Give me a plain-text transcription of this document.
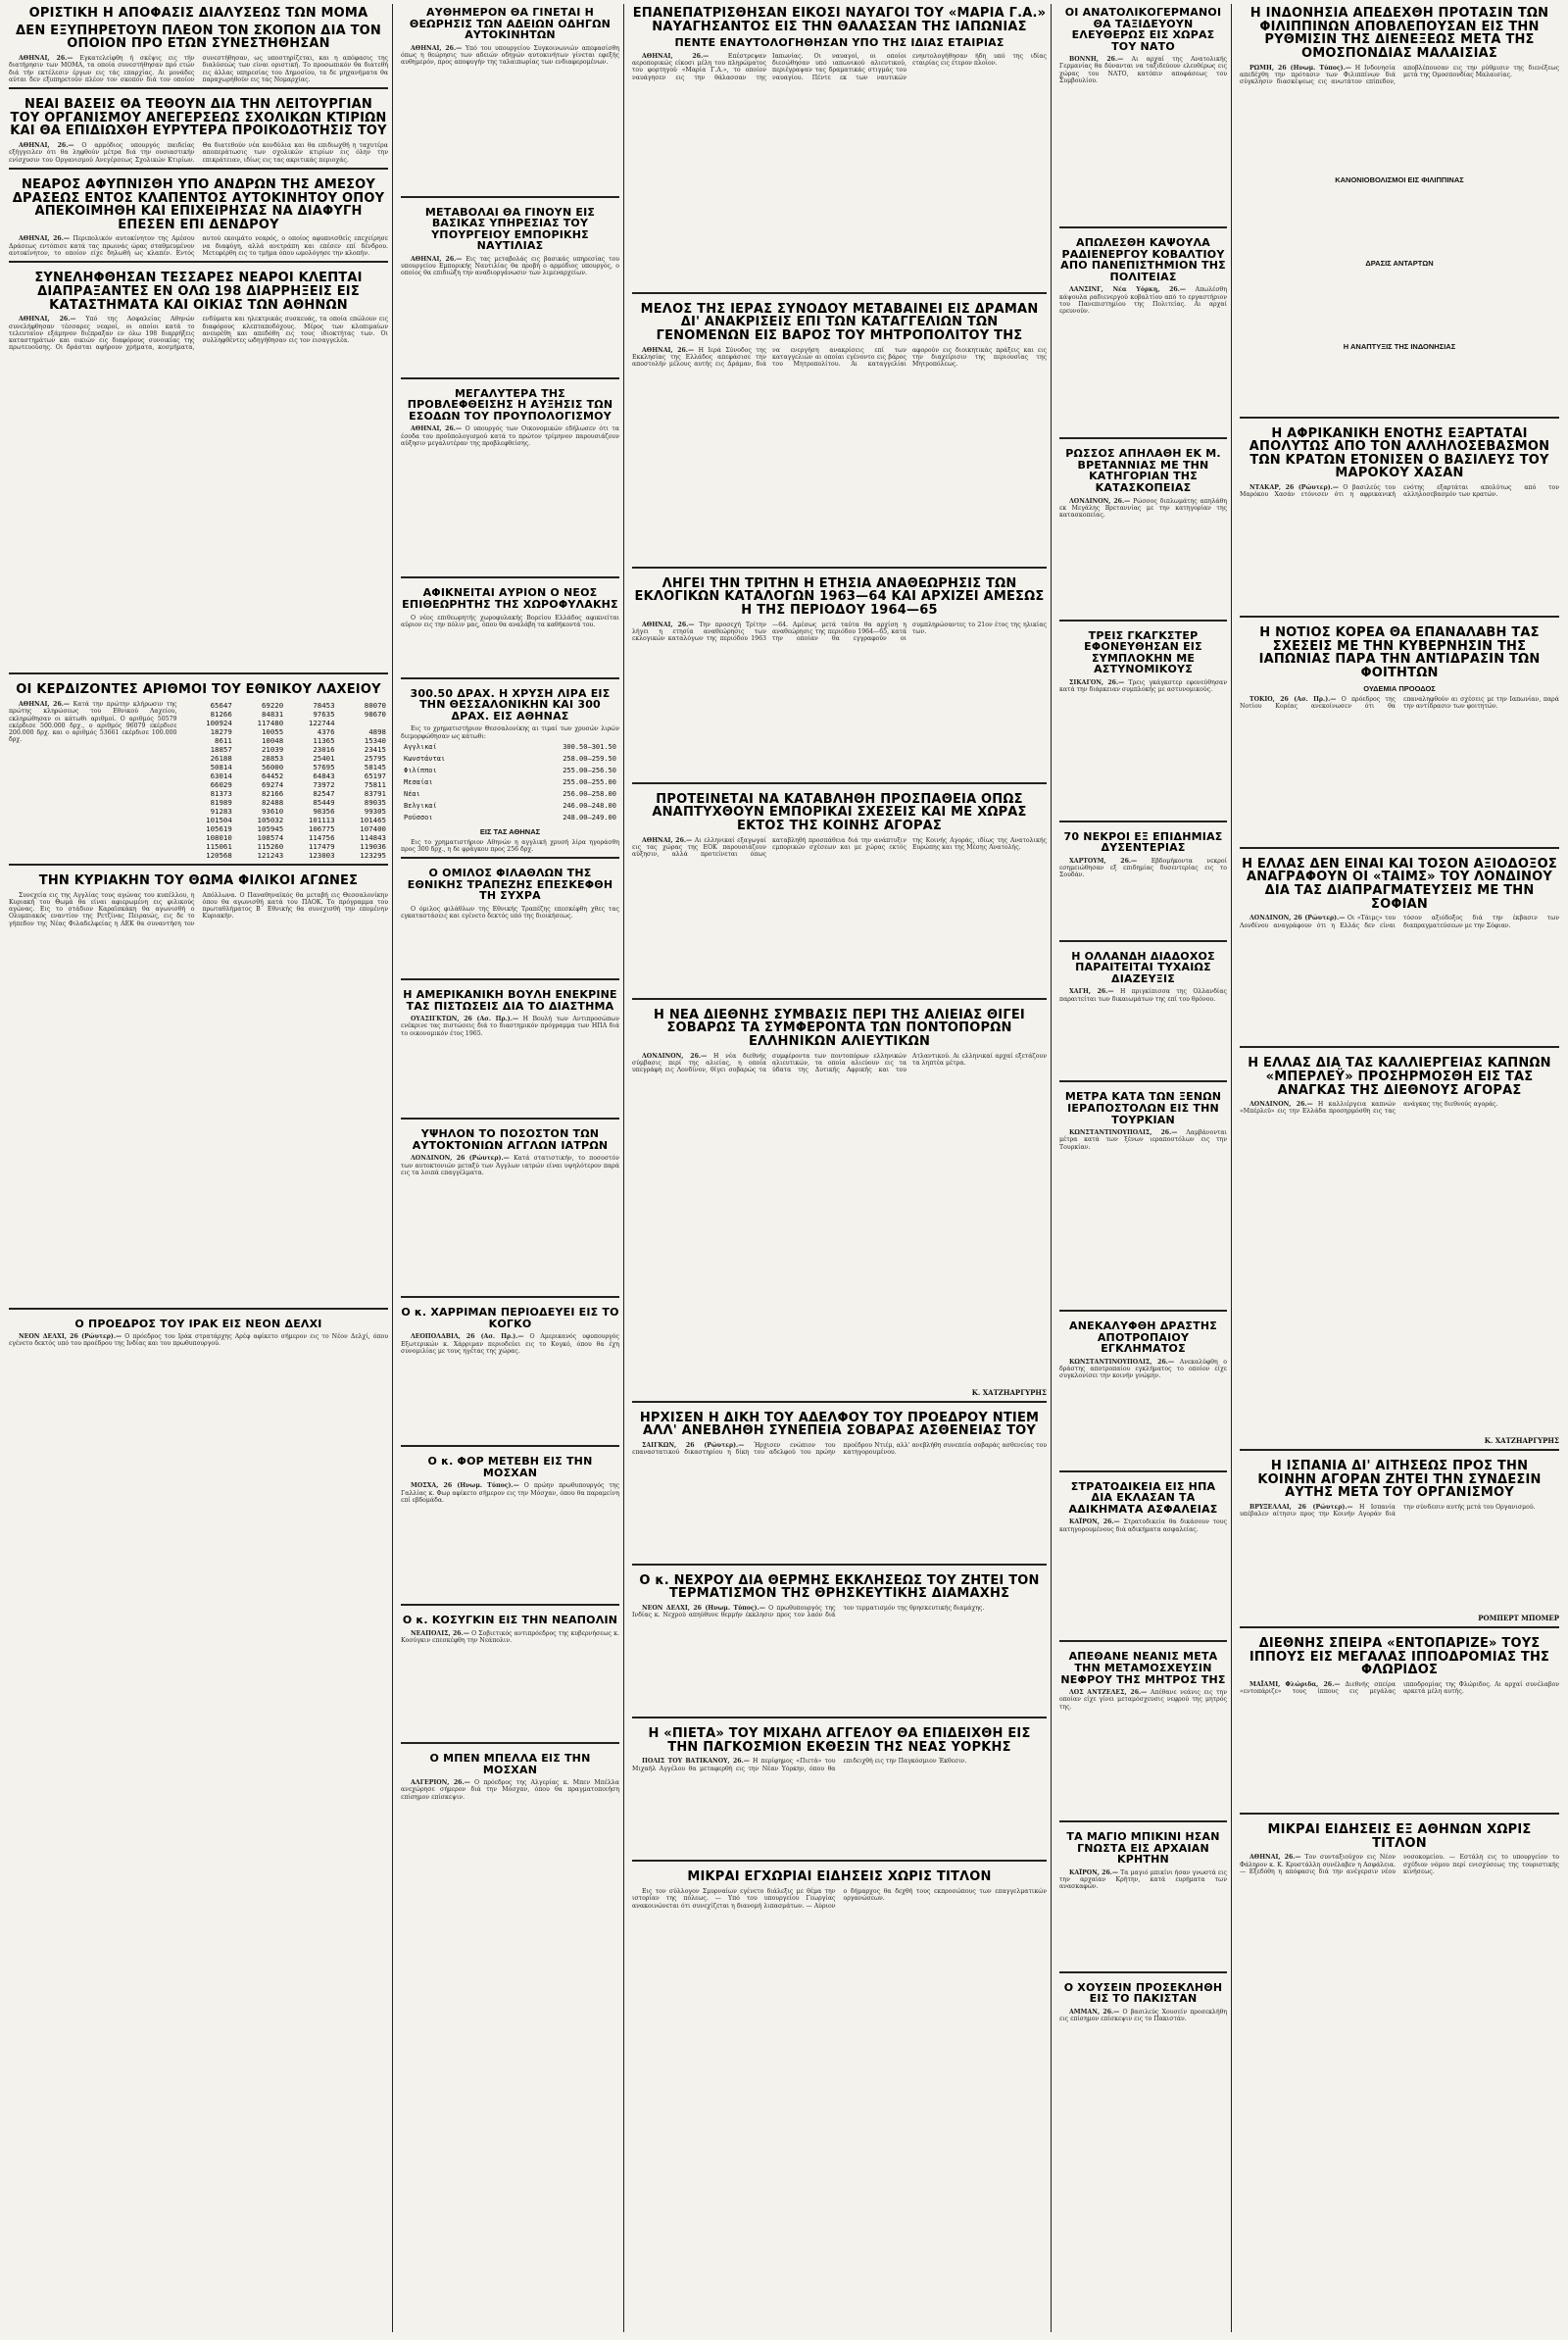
ΟΡΙΣΤΙΚΗ Η ΑΠΟΦΑΣΙΣ ΔΙΑΛΥΣΕΩΣ ΤΩΝ ΜΟΜΑ
ΔΕΝ ΕΞΥΠΗΡΕΤΟΥΝ ΠΛΕΟΝ ΤΟΝ ΣΚΟΠΟΝ ΔΙΑ ΤΟΝ ΟΠΟΙΟΝ ΠΡΟ ΕΤΩΝ ΣΥΝΕΣΤΗΘΗΣΑΝ
ΑΘΗΝΑΙ, 26.— Εγκατελείφθη ή σκέψις εις τήν διατήρησιν των ΜΟΜΑ, τα οποία συνεστήθησαν πρό ετών διά τήν εκτέλεσιν έργων εις τάς επαρχίας. Αι μονάδες αύται δεν εξυπηρετούν πλέον τον σκοπόν διά τον οποίον συνεστήθησαν, ως υποστηρίζεται, και η απόφασις της διαλύσεώς των είναι οριστική. Το προσωπικόν θα διατεθή εις άλλας υπηρεσίας του Δημοσίου, τα δε μηχανήματα θα παραχωρηθούν εις τας Νομαρχίας.
ΝΕΑΙ ΒΑΣΕΙΣ ΘΑ ΤΕΘΟΥΝ ΔΙΑ ΤΗΝ ΛΕΙΤΟΥΡΓΙΑΝ ΤΟΥ ΟΡΓΑΝΙΣΜΟΥ ΑΝΕΓΕΡΣΕΩΣ ΣΧΟΛΙΚΩΝ ΚΤΙΡΙΩΝ ΚΑΙ ΘΑ ΕΠΙΔΙΩΧΘΗ ΕΥΡΥΤΕΡΑ ΠΡΟΙΚΟΔΟΤΗΣΙΣ ΤΟΥ
ΑΘΗΝΑΙ, 26.— Ο αρμόδιος υπουργός παιδείας εξήγγειλεν ότι θα ληφθούν μέτρα διά την ουσιαστικήν ενίσχυσιν του Οργανισμού Ανεγέρσεως Σχολικών Κτιρίων. Θα διατεθούν νέα κονδύλια και θα επιδιωχθή η ταχυτέρα αποπεράτωσις των σχολικών κτιρίων εις όλην την επικράτειαν, ιδίως εις τας ακριτικάς περιοχάς.
ΝΕΑΡΟΣ ΑΦΥΠΝΙΣΘΗ ΥΠΟ ΑΝΔΡΩΝ ΤΗΣ ΑΜΕΣΟΥ ΔΡΑΣΕΩΣ ΕΝΤΟΣ ΚΛΑΠΕΝΤΟΣ ΑΥΤΟΚΙΝΗΤΟΥ ΟΠΟΥ ΑΠΕΚΟΙΜΗΘΗ ΚΑΙ ΕΠΙΧΕΙΡΗΣΑΣ ΝΑ ΔΙΑΦΥΓΗ ΕΠΕΣΕΝ ΕΠΙ ΔΕΝΔΡΟΥ
ΑΘΗΝΑΙ, 26.— Περιπολικόν αυτοκίνητον της Αμέσου Δράσεως εντόπισε κατά τας πρωινάς ώρας σταθμευμένον αυτοκίνητον, το οποίον είχε δηλωθή ως κλαπέν. Εντός αυτού εκοιμάτο νεαρός, ο οποίος αφυπνισθείς επεχείρησε να διαφύγη, αλλά ανετράπη και επέσεν επί δένδρου. Μετεφέρθη εις το τμήμα όπου ωμολόγησε την κλοπήν.
ΣΥΝΕΛΗΦΘΗΣΑΝ ΤΕΣΣΑΡΕΣ ΝΕΑΡΟΙ ΚΛΕΠΤΑΙ ΔΙΑΠΡΑΞΑΝΤΕΣ ΕΝ ΟΛΩ 198 ΔΙΑΡΡΗΞΕΙΣ ΕΙΣ ΚΑΤΑΣΤΗΜΑΤΑ ΚΑΙ ΟΙΚΙΑΣ ΤΩΝ ΑΘΗΝΩΝ
ΑΘΗΝΑΙ, 26.— Υπό της Ασφαλείας Αθηνών συνελήφθησαν τέσσαρες νεαροί, οι οποίοι κατά το τελευταίον εξάμηνον διέπραξαν εν όλω 198 διαρρήξεις καταστημάτων και οικιών εις διαφόρους συνοικίας της πρωτευούσης. Οι δράσται αφήρουν χρήματα, κοσμήματα, ενδύματα και ηλεκτρικάς συσκευάς, τα οποία επώλουν εις διαφόρους κλεπταποδόχους. Μέρος των κλοπιμαίων ανευρέθη και απεδόθη εις τους ιδιοκτήτας των. Οι συλληφθέντες ωδηγήθησαν εις τον εισαγγελέα.
ΟΙ ΚΕΡΔΙΖΟΝΤΕΣ ΑΡΙΘΜΟΙ ΤΟΥ ΕΘΝΙΚΟΥ ΛΑΧΕΙΟΥ
ΑΘΗΝΑΙ, 26.— Κατά την πρώτην κλήρωσιν της πρώτης κληρώσεως του Εθνικού Λαχείου, εκληρώθησαν οι κάτωθι αριθμοί. Ο αριθμός 50579 εκέρδισε 500.000 δρχ., ο αριθμός 96079 εκέρδισε 200.000 δρχ. και ο αριθμός 53661 εκέρδισε 100.000 δρχ.
65647	69220	78453	80070
81266	84831	97635	98670
100924	117480	122744	
18279	10055	4376	4898
8611	10048	11365	15340
18857	21039	23016	23415
26188	28853	25401	25795
50814	56000	57695	58145
63014	64452	64843	65197
66029	69274	73972	75811
81373	82166	82547	83791
81989	82488	85449	89035
91283	93610	98356	99305
101504	105032	101113	101465
105619	105945	106775	107400
108010	108574	114756	114843
115061	115260	117479	119036
120568	121243	123003	123295
ΤΗΝ ΚΥΡΙΑΚΗΝ ΤΟΥ ΘΩΜΑ ΦΙΛΙΚΟΙ ΑΓΩΝΕΣ
Συνεχεία εις της Αγγλίας τους αγώνας του κυπέλλου, η Κυριακή του Θωμά θα είναι αφιερωμένη εις φιλικούς αγώνας. Εις το στάδιον Καραϊσκάκη θα αγωνισθή ο Ολυμπιακός εναντίον της Ρετζίνας Πειραιώς, εις δε το γήπεδον της Νέας Φιλαδελφείας η ΑΕΚ θα συναντήση τον Απόλλωνα. Ο Παναθηναϊκός θα μεταβή εις Θεσσαλονίκην όπου θα αγωνισθή κατά του ΠΑΟΚ. Το πρόγραμμα του πρωταθλήματος Β΄ Εθνικής θα συνεχισθή την επομένην Κυριακήν.
Ο ΠΡΟΕΔΡΟΣ ΤΟΥ ΙΡΑΚ ΕΙΣ ΝΕΟΝ ΔΕΛΧΙ
ΝΕΟΝ ΔΕΛΧΙ, 26 (Ρώυτερ).— Ο πρόεδρος του Ιράκ στρατάρχης Αρέφ αφίκετο σήμερον εις το Νέον Δελχί, όπου εγένετο δεκτός υπό του προέδρου της Ινδίας και του πρωθυπουργού.
ΑΥΘΗΜΕΡΟΝ ΘΑ ΓΙΝΕΤΑΙ Η ΘΕΩΡΗΣΙΣ ΤΩΝ ΑΔΕΙΩΝ ΟΔΗΓΩΝ ΑΥΤΟΚΙΝΗΤΩΝ
ΑΘΗΝΑΙ, 26.— Υπό του υπουργείου Συγκοινωνιών απεφασίσθη όπως η θεώρησις των αδειών οδηγών αυτοκινήτων γίνεται εφεξής αυθημερόν, προς αποφυγήν της ταλαιπωρίας των ενδιαφερομένων.
ΜΕΤΑΒΟΛΑΙ ΘΑ ΓΙΝΟΥΝ ΕΙΣ ΒΑΣΙΚΑΣ ΥΠΗΡΕΣΙΑΣ ΤΟΥ ΥΠΟΥΡΓΕΙΟΥ ΕΜΠΟΡΙΚΗΣ ΝΑΥΤΙΛΙΑΣ
ΑΘΗΝΑΙ, 26.— Εις τας μεταβολάς εις βασικάς υπηρεσίας του υπουργείου Εμπορικής Ναυτιλίας θα προβή ο αρμόδιος υπουργός, ο οποίος θα επιδιώξη την αναδιοργάνωσιν των λιμεναρχείων.
ΜΕΓΑΛΥΤΕΡΑ ΤΗΣ ΠΡΟΒΛΕΦΘΕΙΣΗΣ Η ΑΥΞΗΣΙΣ ΤΩΝ ΕΣΟΔΩΝ ΤΟΥ ΠΡΟΥΠΟΛΟΓΙΣΜΟΥ
ΑΘΗΝΑΙ, 26.— Ο υπουργός των Οικονομικών εδήλωσεν ότι τα έσοδα του προϋπολογισμού κατά το πρώτον τρίμηνον παρουσιάζουν αύξησιν μεγαλυτέραν της προβλεφθείσης.
ΑΦΙΚΝΕΙΤΑΙ ΑΥΡΙΟΝ Ο ΝΕΟΣ ΕΠΙΘΕΩΡΗΤΗΣ ΤΗΣ ΧΩΡΟΦΥΛΑΚΗΣ
Ο νέος επιθεωρητής χωροφυλακής Βορείου Ελλάδος αφικνείται αύριον εις την πόλιν μας, όπου θα αναλάβη τα καθήκοντά του.
300.50 ΔΡΑΧ. Η ΧΡΥΣΗ ΛΙΡΑ ΕΙΣ ΤΗΝ ΘΕΣΣΑΛΟΝΙΚΗΝ ΚΑΙ 300 ΔΡΑΧ. ΕΙΣ ΑΘΗΝΑΣ
Εις το χρηματιστήριον Θεσσαλονίκης αι τιμαί των χρυσών λιρών διεμορφώθησαν ως κάτωθι:
Αγγλικαί	300.50—301.50
Κωνστάνται	258.00—259.50
Φιλίπποι	255.00—256.50
Μεσαίαι	255.00—255.00
Νέαι	256.00—258.00
Βελγικαί	246.00—248.00
Ρούσσοι	248.00—249.00
ΕΙΣ ΤΑΣ ΑΘΗΝΑΣ
Εις το χρηματιστήριον Αθηνών η αγγλική χρυσή λίρα ηγοράσθη προς 300 δρχ., η δε φράγκου προς 256 δρχ.
Ο ΟΜΙΛΟΣ ΦΙΛΑΘΛΩΝ ΤΗΣ ΕΘΝΙΚΗΣ ΤΡΑΠΕΖΗΣ ΕΠΕΣΚΕΦΘΗ ΤΗ ΣΥΧΡΑ
Ο όμιλος φιλάθλων της Εθνικής Τραπέζης επεσκέφθη χθες τας εγκαταστάσεις και εγένετο δεκτός υπό της διοικήσεως.
Η ΑΜΕΡΙΚΑΝΙΚΗ ΒΟΥΛΗ ΕΝΕΚΡΙΝΕ ΤΑΣ ΠΙΣΤΩΣΕΙΣ ΔΙΑ ΤΟ ΔΙΑΣΤΗΜΑ
ΟΥΑΣΙΓΚΤΩΝ, 26 (Ασ. Πρ.).— Η Βουλή των Αντιπροσώπων ενέκρινε τας πιστώσεις διά το διαστημικόν πρόγραμμα των ΗΠΑ διά το οικονομικόν έτος 1965.
ΥΨΗΛΟΝ ΤΟ ΠΟΣΟΣΤΟΝ ΤΩΝ ΑΥΤΟΚΤΟΝΙΩΝ ΑΓΓΛΩΝ ΙΑΤΡΩΝ
ΛΟΝΔΙΝΟΝ, 26 (Ρώυτερ).— Κατά στατιστικήν, το ποσοστόν των αυτοκτονιών μεταξύ των Άγγλων ιατρών είναι υψηλότερον παρά εις τα λοιπά επαγγέλματα.
Ο κ. ΧΑΡΡΙΜΑΝ ΠΕΡΙΟΔΕΥΕΙ ΕΙΣ ΤΟ ΚΟΓΚΟ
ΛΕΟΠΟΛΔΒΙΛ, 26 (Ασ. Πρ.).— Ο Αμερικανός υφυπουργός Εξωτερικών κ. Χάρριμαν περιοδεύει εις το Κογκό, όπου θα έχη συνομιλίας με τους ηγέτας της χώρας.
Ο κ. ΦΟΡ ΜΕΤΕΒΗ ΕΙΣ ΤΗΝ ΜΟΣΧΑΝ
ΜΟΣΧΑ, 26 (Ηνωμ. Τύπος).— Ο πρώην πρωθυπουργός της Γαλλίας κ. Φωρ αφίκετο σήμερον εις την Μόσχαν, όπου θα παραμείνη επί εβδομάδα.
Ο κ. ΚΟΣΥΓΚΙΝ ΕΙΣ ΤΗΝ ΝΕΑΠΟΛΙΝ
ΝΕΑΠΟΛΙΣ, 26.— Ο Σοβιετικός αντιπρόεδρος της κυβερνήσεως κ. Κοσύγκιν επεσκέφθη την Νεάπολιν.
Ο ΜΠΕΝ ΜΠΕΛΛΑ ΕΙΣ ΤΗΝ ΜΟΣΧΑΝ
ΑΛΓΕΡΙΟΝ, 26.— Ο πρόεδρος της Αλγερίας κ. Μπεν Μπέλλα ανεχώρησε σήμερον διά την Μόσχαν, όπου θα πραγματοποιήση επίσημον επίσκεψιν.
ΕΠΑΝΕΠΑΤΡΙΣΘΗΣΑΝ ΕΙΚΟΣΙ ΝΑΥΑΓΟΙ ΤΟΥ «ΜΑΡΙΑ Γ.Α.» ΝΑΥΑΓΗΣΑΝΤΟΣ ΕΙΣ ΤΗΝ ΘΑΛΑΣΣΑΝ ΤΗΣ ΙΑΠΩΝΙΑΣ
ΠΕΝΤΕ ΕΝΑΥΤΟΛΟΓΗΘΗΣΑΝ ΥΠΟ ΤΗΣ ΙΔΙΑΣ ΕΤΑΙΡΙΑΣ
ΑΘΗΝΑΙ, 26.—	Επέστρεψαν αεροπορικώς είκοσι μέλη του πληρώματος του φορτηγού «Μαρία Γ.Α.», το οποίον ναυάγησεν εις την θάλασσαν της Ιαπωνίας. Οι ναυαγοί, οι οποίοι διεσώθησαν υπό ιαπωνικού αλιευτικού, περιέγραψαν τας δραματικάς στιγμάς του ναυαγίου. Πέντε εκ των ναυτικών ενηυτολογήθησαν ήδη υπό της ιδίας εταιρίας εις έτερον πλοίον.
ΜΕΛΟΣ ΤΗΣ ΙΕΡΑΣ ΣΥΝΟΔΟΥ ΜΕΤΑΒΑΙΝΕΙ ΕΙΣ ΔΡΑΜΑΝ ΔΙ' ΑΝΑΚΡΙΣΕΙΣ ΕΠΙ ΤΩΝ ΚΑΤΑΓΓΕΛΙΩΝ ΤΩΝ ΓΕΝΟΜΕΝΩΝ ΕΙΣ ΒΑΡΟΣ ΤΟΥ ΜΗΤΡΟΠΟΛΙΤΟΥ ΤΗΣ
ΑΘΗΝΑΙ, 26.— Η Ιερά Σύνοδος της Εκκλησίας της Ελλάδος απεφάσισε την αποστολήν μέλους αυτής εις Δράμαν, διά να ενεργήση ανακρίσεις επί των καταγγελιών αι οποίαι εγένοντο εις βάρος του Μητροπολίτου. Αι καταγγελίαι αφορούν εις διοικητικάς πράξεις και εις την διαχείρισιν της περιουσίας της Μητροπόλεως.
ΛΗΓΕΙ ΤΗΝ ΤΡΙΤΗΝ Η ΕΤΗΣΙΑ ΑΝΑΘΕΩΡΗΣΙΣ ΤΩΝ ΕΚΛΟΓΙΚΩΝ ΚΑΤΑΛΟΓΩΝ 1963—64 ΚΑΙ ΑΡΧΙΖΕΙ ΑΜΕΣΩΣ Η ΤΗΣ ΠΕΡΙΟΔΟΥ 1964—65
ΑΘΗΝΑΙ, 26.— Την προσεχή Τρίτην λήγει η ετησία αναθεώρησις των εκλογικών καταλόγων της περιόδου 1963—64. Αμέσως μετά ταύτα θα αρχίση η αναθεώρησις της περιόδου 1964—65, κατά την οποίαν θα εγγραφούν οι συμπληρώσαντες το 21ον έτος της ηλικίας των.
ΠΡΟΤΕΙΝΕΤΑΙ ΝΑ ΚΑΤΑΒΛΗΘΗ ΠΡΟΣΠΑΘΕΙΑ ΟΠΩΣ ΑΝΑΠΤΥΧΘΟΥΝ ΕΜΠΟΡΙΚΑΙ ΣΧΕΣΕΙΣ ΚΑΙ ΜΕ ΧΩΡΑΣ ΕΚΤΟΣ ΤΗΣ ΚΟΙΝΗΣ ΑΓΟΡΑΣ
ΑΘΗΝΑΙ, 26.— Αι ελληνικαί εξαγωγαί εις τας χώρας της ΕΟΚ παρουσιάζουν αύξησιν, αλλά προτείνεται όπως καταβληθή προσπάθεια διά την ανάπτυξιν εμπορικών σχέσεων και με χώρας εκτός της Κοινής Αγοράς, ιδίως της Ανατολικής Ευρώπης και της Μέσης Ανατολής.
Η ΝΕΑ ΔΙΕΘΝΗΣ ΣΥΜΒΑΣΙΣ ΠΕΡΙ ΤΗΣ ΑΛΙΕΙΑΣ ΘΙΓΕΙ ΣΟΒΑΡΩΣ ΤΑ ΣΥΜΦΕΡΟΝΤΑ ΤΩΝ ΠΟΝΤΟΠΟΡΩΝ ΕΛΛΗΝΙΚΩΝ ΑΛΙΕΥΤΙΚΩΝ
ΛΟΝΔΙΝΟΝ, 26.— Η νέα διεθνής σύμβασις περί της αλιείας, η οποία υπεγράφη εις Λονδίνον, θίγει σοβαρώς τα συμφέροντα των ποντοπόρων ελληνικών αλιευτικών, τα οποία αλιεύουν εις τα ύδατα της Δυτικής Αφρικής και του Ατλαντικού. Αι ελληνικαί αρχαί εξετάζουν τα ληπτέα μέτρα.
Κ. ΧΑΤΖΗΑΡΓΥΡΗΣ
ΗΡΧΙΣΕΝ Η ΔΙΚΗ ΤΟΥ ΑΔΕΛΦΟΥ ΤΟΥ ΠΡΟΕΔΡΟΥ ΝΤΙΕΜ ΑΛΛ' ΑΝΕΒΛΗΘΗ ΣΥΝΕΠΕΙΑ ΣΟΒΑΡΑΣ ΑΣΘΕΝΕΙΑΣ ΤΟΥ
ΣΑΙΓΚΩΝ, 26 (Ρώυτερ).— Ήρχισεν ενώπιον του επαναστατικού δικαστηρίου η δίκη του αδελφού του πρώην προέδρου Ντιέμ, αλλ' ανεβλήθη συνεπεία σοβαράς ασθενείας του κατηγορουμένου.
Ο κ. ΝΕΧΡΟΥ ΔΙΑ ΘΕΡΜΗΣ ΕΚΚΛΗΣΕΩΣ ΤΟΥ ΖΗΤΕΙ ΤΟΝ ΤΕΡΜΑΤΙΣΜΟΝ ΤΗΣ ΘΡΗΣΚΕΥΤΙΚΗΣ ΔΙΑΜΑΧΗΣ
ΝΕΟΝ ΔΕΛΧΙ, 26 (Ηνωμ. Τύπος).— Ο πρωθυπουργός της Ινδίας κ. Νεχρού απηύθυνε θερμήν έκκλησιν προς τον λαόν διά τον τερματισμόν της θρησκευτικής διαμάχης.
Η «ΠΙΕΤΑ» ΤΟΥ ΜΙΧΑΗΛ ΑΓΓΕΛΟΥ ΘΑ ΕΠΙΔΕΙΧΘΗ ΕΙΣ ΤΗΝ ΠΑΓΚΟΣΜΙΟΝ ΕΚΘΕΣΙΝ ΤΗΣ ΝΕΑΣ ΥΟΡΚΗΣ
ΠΟΛΙΣ ΤΟΥ ΒΑΤΙΚΑΝΟΥ, 26.— Η περίφημος «Πιετά» του Μιχαήλ Αγγέλου θα μεταφερθή εις την Νέαν Υόρκην, όπου θα επιδειχθή εις την Παγκόσμιον Έκθεσιν.
ΜΙΚΡΑΙ ΕΓΧΩΡΙΑΙ ΕΙΔΗΣΕΙΣ ΧΩΡΙΣ ΤΙΤΛΟΝ
Εις τον σύλλογον Σμυρναίων εγένετο διάλεξις με θέμα την ιστορίαν της πόλεως. — Υπό του υπουργείου Γεωργίας ανακοινώνεται ότι συνεχίζεται η διανομή λιπασμάτων. — Αύριον ο δήμαρχος θα δεχθή τους εκπροσώπους των επαγγελματικών οργανώσεων.
ΟΙ ΑΝΑΤΟΛΙΚΟΓΕΡΜΑΝΟΙ ΘΑ ΤΑΞΙΔΕΥΟΥΝ ΕΛΕΥΘΕΡΩΣ ΕΙΣ ΧΩΡΑΣ ΤΟΥ ΝΑΤΟ
ΒΟΝΝΗ, 26.— Αι αρχαί της Ανατολικής Γερμανίας θα δύνανται να ταξιδεύουν ελευθέρως εις χώρας του ΝΑΤΟ, κατόπιν αποφάσεως του Συμβουλίου.
ΑΠΩΛΕΣΘΗ ΚΑΨΟΥΛΑ ΡΑΔΙΕΝΕΡΓΟΥ ΚΟΒΑΛΤΙΟΥ ΑΠΟ ΠΑΝΕΠΙΣΤΗΜΙΟΝ ΤΗΣ ΠΟΛΙΤΕΙΑΣ
ΛΑΝΣΙΝΓ, Νέα Υόρκη, 26.— Απωλέσθη κάψουλα ραδιενεργού κοβαλτίου από το εργαστήριον του Πανεπιστημίου της Πολιτείας. Αι αρχαί ερευνούν.
ΡΩΣΣΟΣ ΑΠΗΛΑΘΗ ΕΚ Μ. ΒΡΕΤΑΝΝΙΑΣ ΜΕ ΤΗΝ ΚΑΤΗΓΟΡΙΑΝ ΤΗΣ ΚΑΤΑΣΚΟΠΕΙΑΣ
ΛΟΝΔΙΝΟΝ, 26.— Ρώσσος διπλωμάτης απηλάθη εκ Μεγάλης Βρεταννίας με την κατηγορίαν της κατασκοπείας.
ΤΡΕΙΣ ΓΚΑΓΚΣΤΕΡ ΕΦΟΝΕΥΘΗΣΑΝ ΕΙΣ ΣΥΜΠΛΟΚΗΝ ΜΕ ΑΣΤΥΝΟΜΙΚΟΥΣ
ΣΙΚΑΓΟΝ, 26.— Τρεις γκάγκστερ εφονεύθησαν κατά την διάρκειαν συμπλοκής με αστυνομικούς.
70 ΝΕΚΡΟΙ ΕΞ ΕΠΙΔΗΜΙΑΣ ΔΥΣΕΝΤΕΡΙΑΣ
ΧΑΡΤΟΥΜ, 26.— Εβδομήκοντα νεκροί εσημειώθησαν εξ επιδημίας δυσεντερίας εις το Σουδάν.
Η ΟΛΛΑΝΔΗ ΔΙΑΔΟΧΟΣ ΠΑΡΑΙΤΕΙΤΑΙ ΤΥΧΑΙΩΣ ΔΙΑΖΕΥΞΙΣ
ΧΑΓΗ, 26.— Η πριγκίπισσα της Ολλανδίας παραιτείται των δικαιωμάτων της επί του θρόνου.
ΜΕΤΡΑ ΚΑΤΑ ΤΩΝ ΞΕΝΩΝ ΙΕΡΑΠΟΣΤΟΛΩΝ ΕΙΣ ΤΗΝ ΤΟΥΡΚΙΑΝ
ΚΩΝΣΤΑΝΤΙΝΟΥΠΟΛΙΣ, 26.— Λαμβάνονται μέτρα κατά των ξένων ιεραποστόλων εις την Τουρκίαν.
ΑΝΕΚΑΛΥΦΘΗ ΔΡΑΣΤΗΣ ΑΠΟΤΡΟΠΑΙΟΥ ΕΓΚΛΗΜΑΤΟΣ
ΚΩΝΣΤΑΝΤΙΝΟΥΠΟΛΙΣ, 26.— Ανεκαλύφθη ο δράστης αποτροπαίου εγκλήματος το οποίον είχε συγκλονίσει την κοινήν γνώμην.
ΣΤΡΑΤΟΔΙΚΕΙΑ ΕΙΣ ΗΠΑ ΔΙΑ ΕΚΛΑΣΑΝ ΤΑ ΑΔΙΚΗΜΑΤΑ ΑΣΦΑΛΕΙΑΣ
ΚΑΪΡΟΝ, 26.— Στρατοδικεία θα δικάσουν τους κατηγορουμένους διά αδικήματα ασφαλείας.
ΑΠΕΘΑΝΕ ΝΕΑΝΙΣ ΜΕΤΑ ΤΗΝ ΜΕΤΑΜΟΣΧΕΥΣΙΝ ΝΕΦΡΟΥ ΤΗΣ ΜΗΤΡΟΣ ΤΗΣ
ΛΟΣ ΑΝΤΖΕΛΕΣ, 26.— Απέθανε νεάνις εις την οποίαν είχε γίνει μεταμόσχευσις νεφρού της μητρός της.
ΤΑ ΜΑΓΙΟ ΜΠΙΚΙΝΙ ΗΣΑΝ ΓΝΩΣΤΑ ΕΙΣ ΑΡΧΑΙΑΝ ΚΡΗΤΗΝ
ΚΑΪΡΟΝ, 26.— Τα μαγιό μπικίνι ήσαν γνωστά εις την αρχαίαν Κρήτην, κατά ευρήματα των ανασκαφών.
Ο ΧΟΥΣΕΙΝ ΠΡΟΣΕΚΛΗΘΗ ΕΙΣ ΤΟ ΠΑΚΙΣΤΑΝ
ΑΜΜΑΝ, 26.— Ο βασιλεύς Χουσείν προσεκλήθη εις επίσημον επίσκεψιν εις το Πακιστάν.
Η ΙΝΔΟΝΗΣΙΑ ΑΠΕΔΕΧΘΗ ΠΡΟΤΑΣΙΝ ΤΩΝ ΦΙΛΙΠΠΙΝΩΝ ΑΠΟΒΛΕΠΟΥΣΑΝ ΕΙΣ ΤΗΝ ΡΥΘΜΙΣΙΝ ΤΗΣ ΔΙΕΝΕΞΕΩΣ ΜΕΤΑ ΤΗΣ ΟΜΟΣΠΟΝΔΙΑΣ ΜΑΛΑΙΣΙΑΣ
ΡΩΜΗ, 26 (Ηνωμ. Τύπος).— Η Ινδονησία απεδέχθη την πρότασιν των Φιλιππίνων διά σύγκλησιν διασκέψεως εις ανωτάτον επίπεδον, αποβλέπουσαν εις την ρύθμισιν της διενέξεως μετά της Ομοσπονδίας Μαλαισίας.
ΚΑΝΟΝΙΟΒΟΛΙΣΜΟΙ ΕΙΣ ΦΙΛΙΠΠΙΝΑΣ
ΔΡΑΣΙΣ ΑΝΤΑΡΤΩΝ
Η ΑΝΑΠΤΥΞΙΣ ΤΗΣ ΙΝΔΟΝΗΣΙΑΣ
Η ΑΦΡΙΚΑΝΙΚΗ ΕΝΟΤΗΣ ΕΞΑΡΤΑΤΑΙ ΑΠΟΛΥΤΩΣ ΑΠΟ ΤΟΝ ΑΛΛΗΛΟΣΕΒΑΣΜΟΝ ΤΩΝ ΚΡΑΤΩΝ ΕΤΟΝΙΣΕΝ Ο ΒΑΣΙΛΕΥΣ ΤΟΥ ΜΑΡΟΚΟΥ ΧΑΣΑΝ
ΝΤΑΚΑΡ, 26 (Ρώυτερ).— Ο βασιλεύς του Μαρόκου Χασάν ετόνισεν ότι η αφρικανική ενότης εξαρτάται απολύτως από τον αλληλοσεβασμόν των κρατών.
Η ΝΟΤΙΟΣ ΚΟΡΕΑ ΘΑ ΕΠΑΝΑΛΑΒΗ ΤΑΣ ΣΧΕΣΕΙΣ ΜΕ ΤΗΝ ΚΥΒΕΡΝΗΣΙΝ ΤΗΣ ΙΑΠΩΝΙΑΣ ΠΑΡΑ ΤΗΝ ΑΝΤΙΔΡΑΣΙΝ ΤΩΝ ΦΟΙΤΗΤΩΝ
ΟΥΔΕΜΙΑ ΠΡΟΟΔΟΣ
ΤΟΚΙΟ, 26 (Ασ. Πρ.).— Ο πρόεδρος της Νοτίου Κορέας ανεκοίνωσεν ότι θα επαναληφθούν αι σχέσεις με την Ιαπωνίαν, παρά την αντίδρασιν των φοιτητών.
Η ΕΛΛΑΣ ΔΕΝ ΕΙΝΑΙ ΚΑΙ ΤΟΣΟΝ ΑΞΙΟΔΟΞΟΣ ΑΝΑΓΡΑΦΟΥΝ ΟΙ «ΤΑΙΜΣ» ΤΟΥ ΛΟΝΔΙΝΟΥ ΔΙΑ ΤΑΣ ΔΙΑΠΡΑΓΜΑΤΕΥΣΕΙΣ ΜΕ ΤΗΝ ΣΟΦΙΑΝ
ΛΟΝΔΙΝΟΝ, 26 (Ρώυτερ).— Οι «Τάιμς» του Λονδίνου αναγράφουν ότι η Ελλάς δεν είναι τόσον αξιόδοξος διά την έκβασιν των διαπραγματεύσεων με την Σόφιαν.
Η ΕΛΛΑΣ ΔΙΑ ΤΑΣ ΚΑΛΛΙΕΡΓΕΙΑΣ ΚΑΠΝΩΝ «ΜΠΕΡΛΕΫ» ΠΡΟΣΗΡΜΟΣΘΗ ΕΙΣ ΤΑΣ ΑΝΑΓΚΑΣ ΤΗΣ ΔΙΕΘΝΟΥΣ ΑΓΟΡΑΣ
ΛΟΝΔΙΝΟΝ, 26.— Η καλλιέργεια καπνών «Μπέρλεϋ» εις την Ελλάδα προσηρμόσθη εις τας ανάγκας της διεθνούς αγοράς.
Κ. ΧΑΤΖΗΑΡΓΥΡΗΣ
Η ΙΣΠΑΝΙΑ ΔΙ' ΑΙΤΗΣΕΩΣ ΠΡΟΣ ΤΗΝ ΚΟΙΝΗΝ ΑΓΟΡΑΝ ΖΗΤΕΙ ΤΗΝ ΣΥΝΔΕΣΙΝ ΑΥΤΗΣ ΜΕΤΑ ΤΟΥ ΟΡΓΑΝΙΣΜΟΥ
ΒΡΥΞΕΛΛΑΙ, 26 (Ρώυτερ).— Η Ισπανία υπέβαλεν αίτησιν προς την Κοινήν Αγοράν διά την σύνδεσιν αυτής μετά του Οργανισμού.
ΡΟΜΠΕΡΤ ΜΠΟΜΕΡ
ΔΙΕΘΝΗΣ ΣΠΕΙΡΑ «ΕΝΤΟΠΑΡΙΖΕ» ΤΟΥΣ ΙΠΠΟΥΣ ΕΙΣ ΜΕΓΑΛΑΣ ΙΠΠΟΔΡΟΜΙΑΣ ΤΗΣ ΦΛΩΡΙΔΟΣ
ΜΑΪΑΜΙ, Φλώριδα, 26.— Διεθνής σπείρα «εντοπάριζε» τους ίππους εις μεγάλας ιπποδρομίας της Φλώριδος. Αι αρχαί συνέλαβον αρκετά μέλη αυτής.
ΜΙΚΡΑΙ ΕΙΔΗΣΕΙΣ ΕΞ ΑΘΗΝΩΝ ΧΩΡΙΣ ΤΙΤΛΟΝ
ΑΘΗΝΑΙ, 26.— Τον συνταξιούχον εις Νέον Φάληρον κ. Κ. Κρυστάλλη συνέλαβεν η Ασφάλεια. — Εξεδόθη η απόφασις διά την ανέγερσιν νέου νοσοκομείου. — Εστάλη εις το υπουργείον το σχέδιον νόμου περί ενισχύσεως της τουριστικής κινήσεως.
